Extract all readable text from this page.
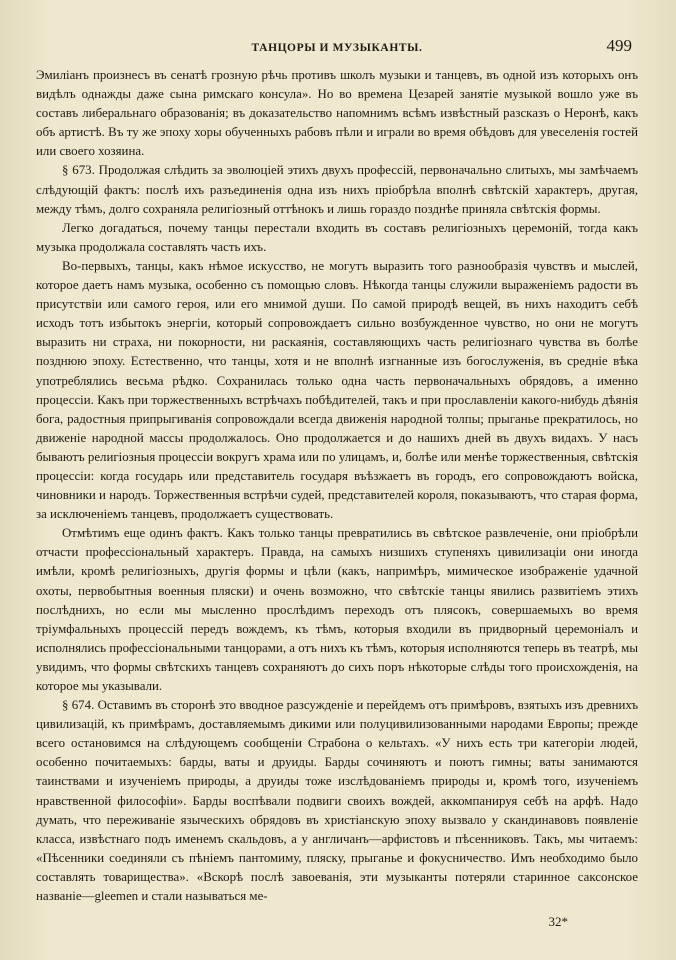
ТАНЦОРЫ И МУЗЫКАНТЫ.	499

Эмиліанъ произнесъ въ сенатѣ грозную рѣчь противъ школъ музыки и танцевъ, въ одной изъ которыхъ онъ видѣлъ однажды даже сына римскаго консула». Но во времена Цезарей занятіе музыкой вошло уже въ составъ либеральнаго образованія; въ доказательство напомнимъ всѣмъ извѣстный разсказъ о Неронѣ, какъ объ артистѣ. Въ ту же эпоху хоры обученныхъ рабовъ пѣли и играли во время обѣдовъ для увеселенія гостей или своего хозяина.

§ 673. Продолжая слѣдить за эволюціей этихъ двухъ профессій, первоначально слитыхъ, мы замѣчаемъ слѣдующій фактъ: послѣ ихъ разъединенія одна изъ нихъ пріобрѣла вполнѣ свѣтскій характеръ, другая, между тѣмъ, долго сохраняла религіозный оттѣнокъ и лишь гораздо позднѣе приняла свѣтскія формы.

Легко догадаться, почему танцы перестали входить въ составъ религіозныхъ церемоній, тогда какъ музыка продолжала составлять часть ихъ.

Во-первыхъ, танцы, какъ нѣмое искусство, не могутъ выразить того разнообразія чувствъ и мыслей, которое даетъ намъ музыка, особенно съ помощью словъ. Нѣкогда танцы служили выраженіемъ радости въ присутствіи или самого героя, или его мнимой души. По самой природѣ вещей, въ нихъ находитъ себѣ исходъ тотъ избытокъ энергіи, который сопровождаетъ сильно возбужденное чувство, но они не могутъ выразить ни страха, ни покорности, ни раскаянія, составляющихъ часть религіознаго чувства въ болѣе позднюю эпоху. Естественно, что танцы, хотя и не вполнѣ изгнанные изъ богослуженія, въ средніе вѣка употреблялись весьма рѣдко. Сохранилась только одна часть первоначальныхъ обрядовъ, а именно процессіи. Какъ при торжественныхъ встрѣчахъ побѣдителей, такъ и при прославленіи какого-нибудь дѣянія бога, радостныя припрыгиванія сопровождали всегда движенія народной толпы; прыганье прекратилось, но движеніе народной массы продолжалось. Оно продолжается и до нашихъ дней въ двухъ видахъ. У насъ бываютъ религіозныя процессіи вокругъ храма или по улицамъ, и, болѣе или менѣе торжественныя, свѣтскія процессіи: когда государь или представитель государя въѣзжаетъ въ городъ, его сопровождаютъ войска, чиновники и народъ. Торжественныя встрѣчи судей, представителей короля, показываютъ, что старая форма, за исключеніемъ танцевъ, продолжаетъ существовать.

Отмѣтимъ еще одинъ фактъ. Какъ только танцы превратились въ свѣтское развлеченіе, они пріобрѣли отчасти профессіональный характеръ. Правда, на самыхъ низшихъ ступеняхъ цивилизаціи они иногда имѣли, кромѣ религіозныхъ, другія формы и цѣли (какъ, напримѣръ, мимическое изображеніе удачной охоты, первобытныя военныя пляски) и очень возможно, что свѣтскіе танцы явились развитіемъ этихъ послѣднихъ, но если мы мысленно прослѣдимъ переходъ отъ плясокъ, совершаемыхъ во время тріумфальныхъ процессій передъ вождемъ, къ тѣмъ, которыя входили въ придворный церемоніалъ и исполнялись профессіональными танцорами, а отъ нихъ къ тѣмъ, которыя исполняются теперь въ театрѣ, мы увидимъ, что формы свѣтскихъ танцевъ сохраняютъ до сихъ поръ нѣкоторые слѣды того происхожденія, на которое мы указывали.

§ 674. Оставимъ въ сторонѣ это вводное разсужденіе и перейдемъ отъ примѣровъ, взятыхъ изъ древнихъ цивилизацій, къ примѣрамъ, доставляемымъ дикими или полуцивилизованными народами Европы; прежде всего остановимся на слѣдующемъ сообщеніи Страбона о кельтахъ. «У нихъ есть три категоріи людей, особенно почитаемыхъ: барды, ваты и друиды. Барды сочиняютъ и поютъ гимны; ваты занимаются таинствами и изученіемъ природы, а друиды тоже изслѣдованіемъ природы и, кромѣ того, изученіемъ нравственной философіи». Барды воспѣвали подвиги своихъ вождей, аккомпанируя себѣ на арфѣ. Надо думать, что переживаніе языческихъ обрядовъ въ христіанскую эпоху вызвало у скандинавовъ появленіе класса, извѣстнаго подъ именемъ скальдовъ, а у англичанъ—арфистовъ и пѣсенниковъ. Такъ, мы читаемъ: «Пѣсенники соединяли съ пѣніемъ пантомиму, пляску, прыганье и фокусничество. Имъ необходимо было составлять товарищества». «Вскорѣ послѣ завоеванія, эти музыканты потеряли старинное саксонское названіе—gleemen и стали называться ме-

32*
